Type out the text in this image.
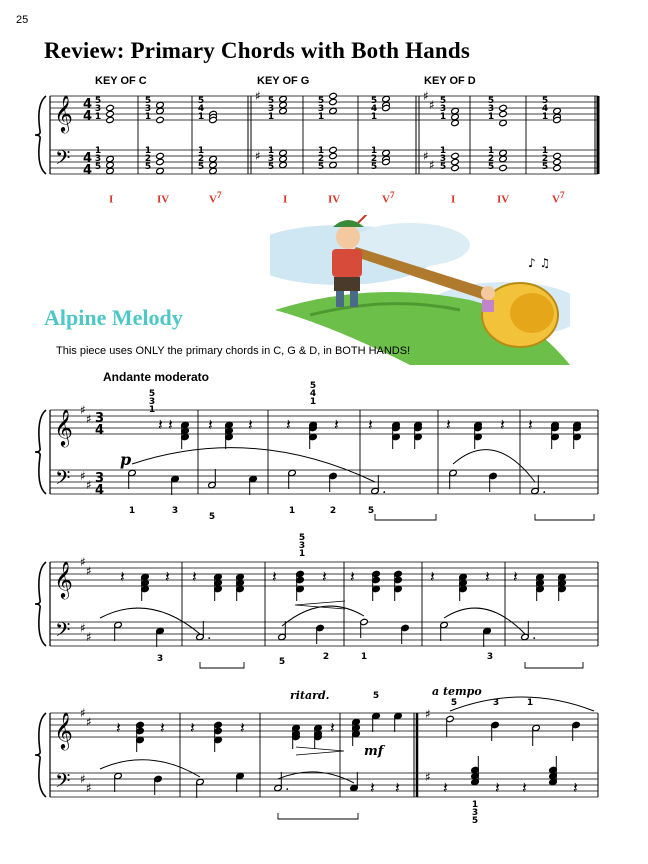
25
Review: Primary Chords with Both Hands
KEY OF C	KEY OF G	KEY OF D
I	IV	$V^7$	I	IV	$V^7$	I	IV	$V^7$
♪ ♫
Alpine Melody
This piece uses ONLY the primary chords in C, G & D, in BOTH HANDS!
Andante moderato
𝄞
𝄢
4
4
4
4
♯
♯
♯
♯
♯
♯
5
3
1
5
3
1
5
4
1
5
3
1
5
3
1
5
4
1
5
3
1
5
3
1
5
4
1
1
3
5
1
2
5
1
2
5
1
3
5
1
2
5
1
2
5
1
3
5
1
2
5
1
2
5
𝄞
𝄢
♯
♯
♯
♯
3
4
3
4
p
𝄽 𝄽
5
3
1
𝄽 𝄽 𝄽	𝄽
5
4
1
𝄽	𝄽	𝄽 𝄽
.	.
1	3
5
1	2	5
𝄞
𝄢
♯
♯
♯
♯
𝄽	𝄽 𝄽	𝄽	𝄽
5
3
1
𝄽	𝄽	𝄽 𝄽
.	.
3	5	2	1	3
𝄞
𝄢
♯
♯
♯
♯
𝄽 𝄽 𝄽	𝄽	𝄽
5
ritard.
mf
a tempo
♯
5	3	1
.	𝄽 𝄽	𝄽	𝄽 𝄽	𝄽
♯
1
3
5
